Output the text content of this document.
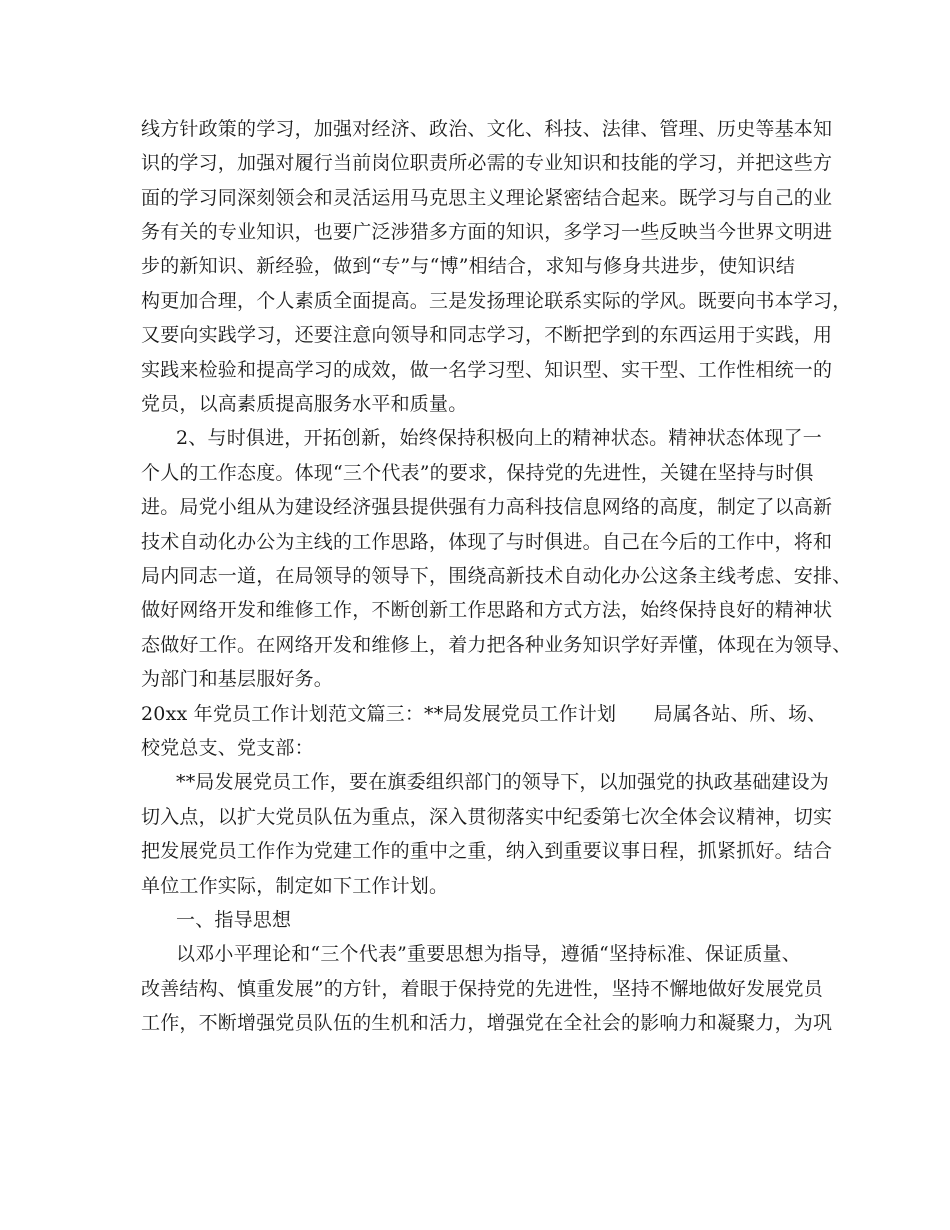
线方针政策的学习，加强对经济、政治、文化、科技、法律、管理、历史等基本知
识的学习，加强对履行当前岗位职责所必需的专业知识和技能的学习，并把这些方
面的学习同深刻领会和灵活运用马克思主义理论紧密结合起来。既学习与自己的业
务有关的专业知识，也要广泛涉猎多方面的知识，多学习一些反映当今世界文明进
步的新知识、新经验，做到“专”与“博”相结合，求知与修身共进步，使知识结
构更加合理，个人素质全面提高。三是发扬理论联系实际的学风。既要向书本学习，
又要向实践学习，还要注意向领导和同志学习，不断把学到的东西运用于实践，用
实践来检验和提高学习的成效，做一名学习型、知识型、实干型、工作性相统一的
党员，以高素质提高服务水平和质量。
2、与时俱进，开拓创新，始终保持积极向上的精神状态。精神状态体现了一
个人的工作态度。体现“三个代表”的要求，保持党的先进性，关键在坚持与时俱
进。局党小组从为建设经济强县提供强有力高科技信息网络的高度，制定了以高新
技术自动化办公为主线的工作思路，体现了与时俱进。自己在今后的工作中，将和
局内同志一道，在局领导的领导下，围绕高新技术自动化办公这条主线考虑、安排、
做好网络开发和维修工作，不断创新工作思路和方式方法，始终保持良好的精神状
态做好工作。在网络开发和维修上，着力把各种业务知识学好弄懂，体现在为领导、
为部门和基层服好务。
20xx 年党员工作计划范文篇三：**局发展党员工作计划      局属各站、所、场、
校党总支、党支部：
**局发展党员工作，要在旗委组织部门的领导下，以加强党的执政基础建设为
切入点，以扩大党员队伍为重点，深入贯彻落实中纪委第七次全体会议精神，切实
把发展党员工作作为党建工作的重中之重，纳入到重要议事日程，抓紧抓好。结合
单位工作实际，制定如下工作计划。
一、指导思想
以邓小平理论和“三个代表”重要思想为指导，遵循“坚持标准、保证质量、
改善结构、慎重发展”的方针，着眼于保持党的先进性，坚持不懈地做好发展党员
工作，不断增强党员队伍的生机和活力，增强党在全社会的影响力和凝聚力，为巩
